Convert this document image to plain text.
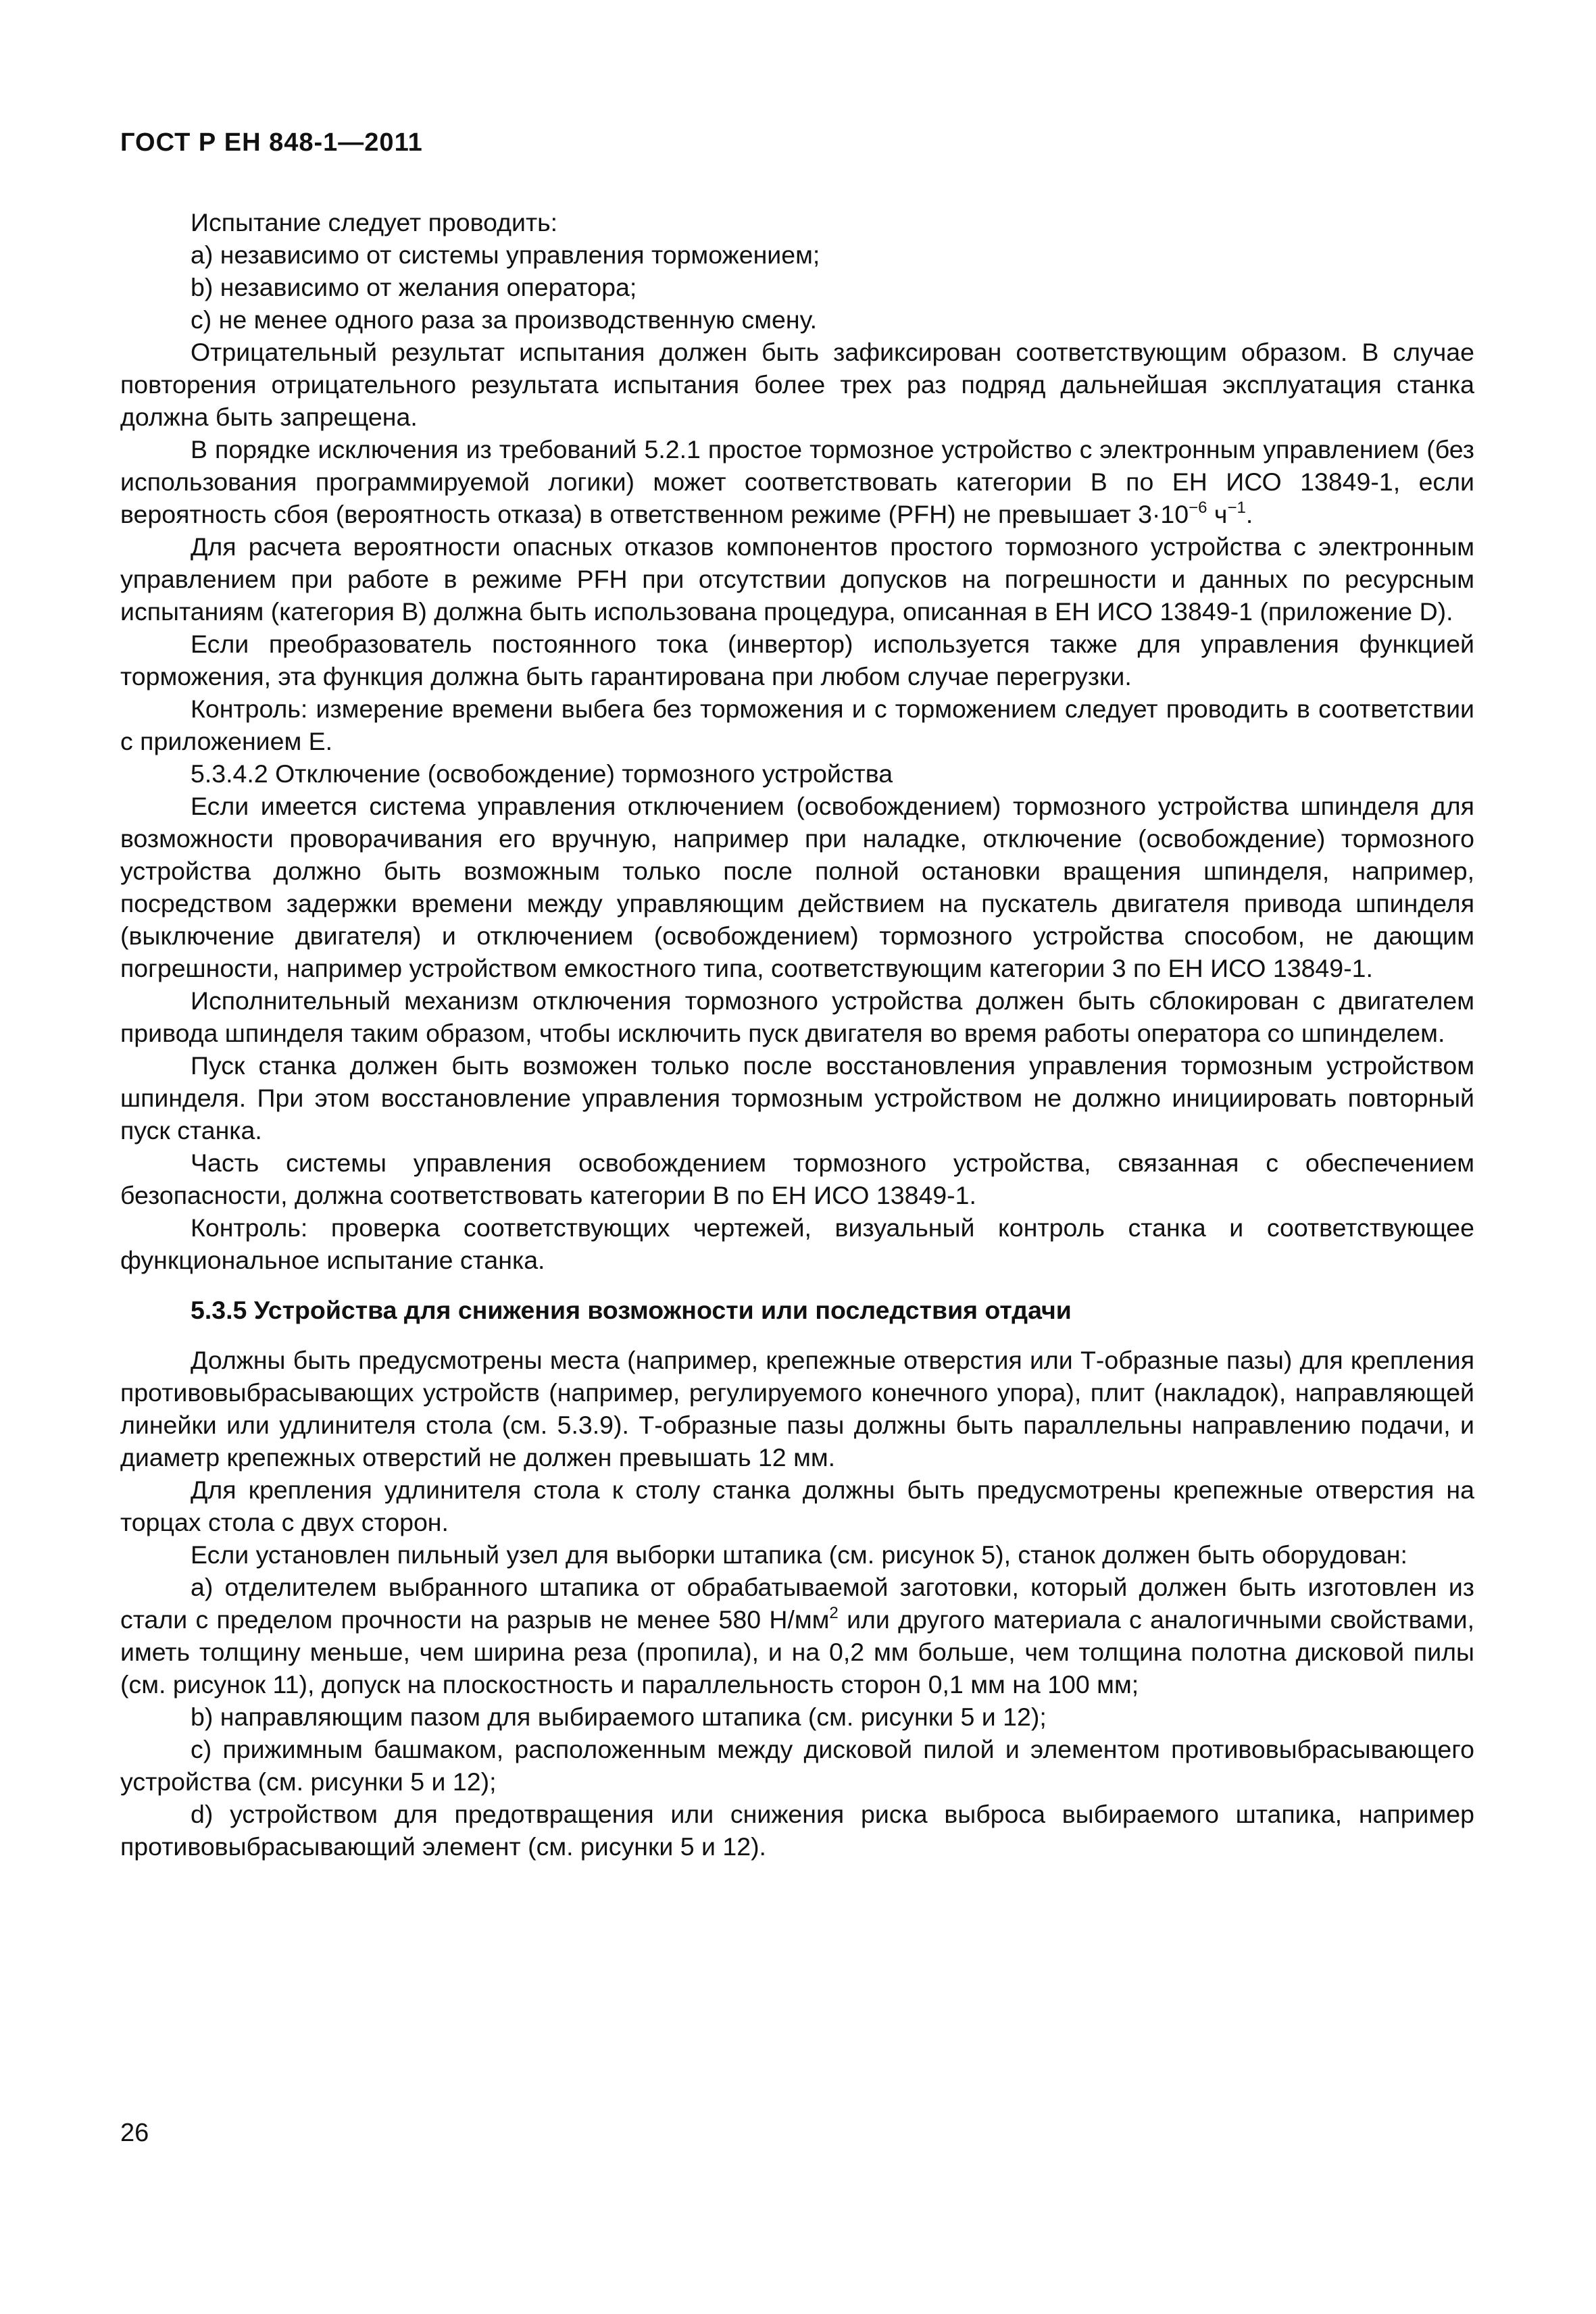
ГОСТ Р ЕН 848-1—2011

Испытание следует проводить:

а) независимо от системы управления торможением;

b) независимо от желания оператора;

с) не менее одного раза за производственную смену.

Отрицательный результат испытания должен быть зафиксирован соответствующим образом. В случае повторения отрицательного результата испытания более трех раз подряд дальнейшая эксплуатация станка должна быть запрещена.

В порядке исключения из требований 5.2.1 простое тормозное устройство с электронным управлением (без использования программируемой логики) может соответствовать категории В по ЕН ИСО 13849-1, если вероятность сбоя (вероятность отказа) в ответственном режиме (PFH) не превышает $3\cdot 10^{-6}$ $ч^{-1}$.

Для расчета вероятности опасных отказов компонентов простого тормозного устройства с электронным управлением при работе в режиме PFH при отсутствии допусков на погрешности и данных по ресурсным испытаниям (категория В) должна быть использована процедура, описанная в ЕН ИСО 13849-1 (приложение D).

Если преобразователь постоянного тока (инвертор) используется также для управления функцией торможения, эта функция должна быть гарантирована при любом случае перегрузки.

Контроль: измерение времени выбега без торможения и с торможением следует проводить в соответствии с приложением Е.

5.3.4.2 Отключение (освобождение) тормозного устройства

Если имеется система управления отключением (освобождением) тормозного устройства шпинделя для возможности проворачивания его вручную, например при наладке, отключение (освобождение) тормозного устройства должно быть возможным только после полной остановки вращения шпинделя, например, посредством задержки времени между управляющим действием на пускатель двигателя привода шпинделя (выключение двигателя) и отключением (освобождением) тормозного устройства способом, не дающим погрешности, например устройством емкостного типа, соответствующим категории 3 по ЕН ИСО 13849-1.

Исполнительный механизм отключения тормозного устройства должен быть сблокирован с двигателем привода шпинделя таким образом, чтобы исключить пуск двигателя во время работы оператора со шпинделем.

Пуск станка должен быть возможен только после восстановления управления тормозным устройством шпинделя. При этом восстановление управления тормозным устройством не должно инициировать повторный пуск станка.

Часть системы управления освобождением тормозного устройства, связанная с обеспечением безопасности, должна соответствовать категории В по ЕН ИСО 13849-1.

Контроль: проверка соответствующих чертежей, визуальный контроль станка и соответствующее функциональное испытание станка.

5.3.5 Устройства для снижения возможности или последствия отдачи

Должны быть предусмотрены места (например, крепежные отверстия или Т-образные пазы) для крепления противовыбрасывающих устройств (например, регулируемого конечного упора), плит (накладок), направляющей линейки или удлинителя стола (см. 5.3.9). Т-образные пазы должны быть параллельны направлению подачи, и диаметр крепежных отверстий не должен превышать 12 мм.

Для крепления удлинителя стола к столу станка должны быть предусмотрены крепежные отверстия на торцах стола с двух сторон.

Если установлен пильный узел для выборки штапика (см. рисунок 5), станок должен быть оборудован:

а) отделителем выбранного штапика от обрабатываемой заготовки, который должен быть изготовлен из стали с пределом прочности на разрыв не менее 580 $Н/мм^2$ или другого материала с аналогичными свойствами, иметь толщину меньше, чем ширина реза (пропила), и на 0,2 мм больше, чем толщина полотна дисковой пилы (см. рисунок 11), допуск на плоскостность и параллельность сторон 0,1 мм на 100 мм;

b) направляющим пазом для выбираемого штапика (см. рисунки 5 и 12);

с) прижимным башмаком, расположенным между дисковой пилой и элементом противовыбрасывающего устройства (см. рисунки 5 и 12);

d) устройством для предотвращения или снижения риска выброса выбираемого штапика, например противовыбрасывающий элемент (см. рисунки 5 и 12).

26
